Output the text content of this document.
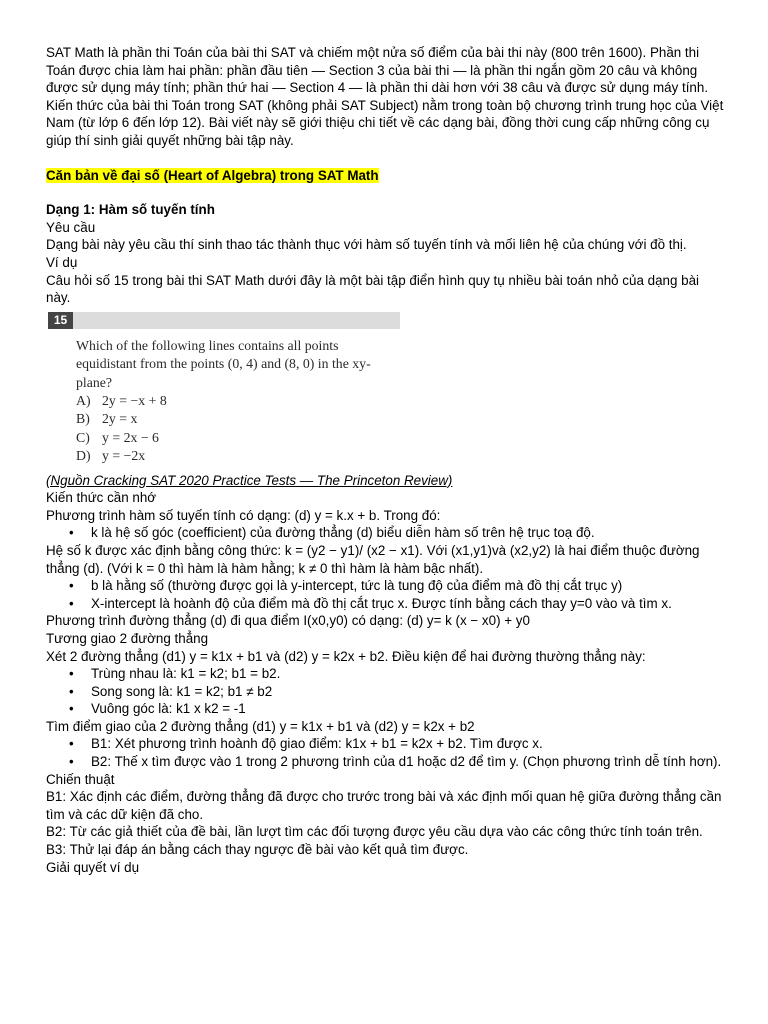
SAT Math là phần thi Toán của bài thi SAT và chiếm một nửa số điểm của bài thi này (800 trên 1600). Phần thi Toán được chia làm hai phần: phần đầu tiên — Section 3 của bài thi — là phần thi ngắn gồm 20 câu và không được sử dụng máy tính; phần thứ hai — Section 4 — là phần thi dài hơn với 38 câu và được sử dụng máy tính. Kiến thức của bài thi Toán trong SAT (không phải SAT Subject) nằm trong toàn bộ chương trình trung học của Việt Nam (từ lớp 6 đến lớp 12). Bài viết này sẽ giới thiệu chi tiết về các dạng bài, đồng thời cung cấp những công cụ giúp thí sinh giải quyết những bài tập này.

Căn bản về đại số (Heart of Algebra) trong SAT Math

Dạng 1: Hàm số tuyến tính

Yêu cầu

Dạng bài này yêu cầu thí sinh thao tác thành thục với hàm số tuyến tính và mối liên hệ của chúng với đồ thị.

Ví dụ

Câu hỏi số 15 trong bài thi SAT Math dưới đây là một bài tập điển hình quy tụ nhiều bài toán nhỏ của dạng bài này.

15
Which of the following lines contains all points equidistant from the points (0, 4) and (8, 0) in the xy-plane?
A) 2y = −x + 8
B) 2y = x
C) y = 2x − 6
D) y = −2x

(Nguồn Cracking SAT 2020 Practice Tests — The Princeton Review)

Kiến thức cần nhớ

Phương trình hàm số tuyến tính có dạng: (d) y = k.x + b. Trong đó:

• k là hệ số góc (coefficient) của đường thẳng (d) biểu diễn hàm số trên hệ trục toạ độ.

Hệ số k được xác định bằng công thức: k = (y2 − y1)/ (x2 − x1). Với (x1,y1)và (x2,y2) là hai điểm thuộc đường thẳng (d). (Với k = 0 thì hàm là hàm hằng; k ≠ 0 thì hàm là hàm bậc nhất).

• b là hằng số (thường được gọi là y-intercept, tức là tung độ của điểm mà đồ thị cắt trục y)
• X-intercept là hoành độ của điểm mà đồ thị cắt trục x. Được tính bằng cách thay y=0 vào và tìm x.

Phương trình đường thẳng (d) đi qua điểm I(x0,y0) có dạng: (d) y= k (x − x0) + y0

Tương giao 2 đường thẳng

Xét 2 đường thẳng (d1) y = k1x + b1 và (d2) y = k2x + b2. Điều kiện để hai đường thường thẳng này:

• Trùng nhau là: k1 = k2; b1 = b2.
• Song song là: k1 = k2; b1 ≠ b2
• Vuông góc là: k1 x k2 = -1

Tìm điểm giao của 2 đường thẳng (d1) y = k1x + b1 và (d2) y = k2x + b2

• B1: Xét phương trình hoành độ giao điểm: k1x + b1 = k2x + b2. Tìm được x.
• B2: Thế x tìm được vào 1 trong 2 phương trình của d1 hoặc d2 để tìm y. (Chọn phương trình dễ tính hơn).

Chiến thuật

B1: Xác định các điểm, đường thẳng đã được cho trước trong bài và xác định mối quan hệ giữa đường thẳng cần tìm và các dữ kiện đã cho.

B2: Từ các giả thiết của đề bài, lần lượt tìm các đối tượng được yêu cầu dựa vào các công thức tính toán trên.

B3: Thử lại đáp án bằng cách thay ngược đề bài vào kết quả tìm được.

Giải quyết ví dụ
